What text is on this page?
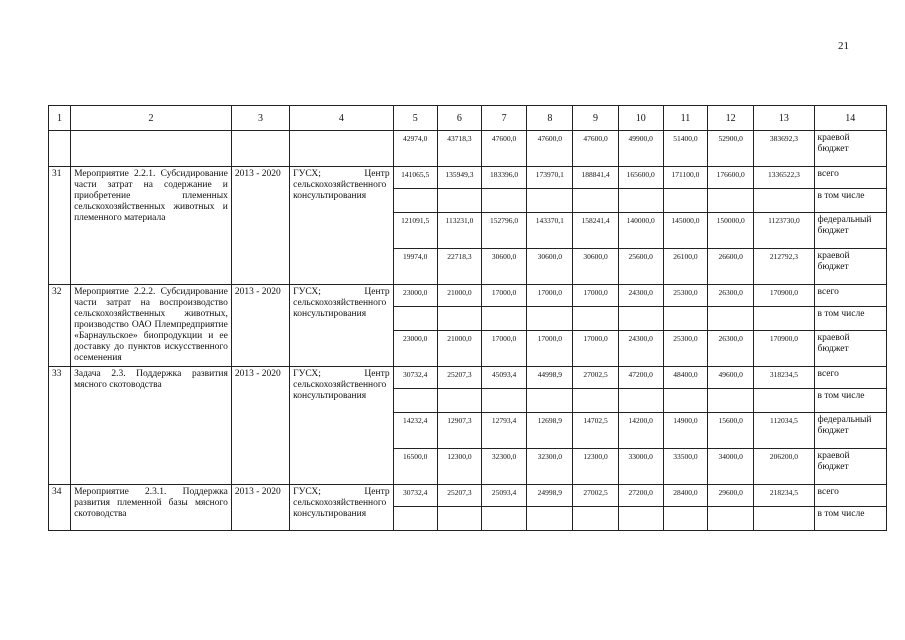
21
1	2	3	4	5	6	7	8	9	10	11	12	13	14
				42974,0	43718,3	47600,0	47600,0	47600,0	49900,0	51400,0	52900,0	383692,3	краевой бюджет
31	Мероприятие 2.2.1. Субсидирование части затрат на содержание и приобретение племенных сельскохозяйственных животных и племенного материала	2013 - 2020	ГУСХ; Центр сельскохозяйственного консультирования	141065,5	135949,3	183396,0	173970,1	188841,4	165600,0	171100,0	176600,0	1336522,3	всего
													в том числе
				121091,5	113231,0	152796,0	143370,1	158241,4	140000,0	145000,0	150000,0	1123730,0	федеральный бюджет
				19974,0	22718,3	30600,0	30600,0	30600,0	25600,0	26100,0	26600,0	212792,3	краевой бюджет
32	Мероприятие 2.2.2. Субсидирование части затрат на воспроизводство сельскохозяйственных животных, производство ОАО Племпредприятие «Барнаульское» биопродукции и ее доставку до пунктов искусственного осеменения	2013 - 2020	ГУСХ; Центр сельскохозяйственного консультирования	23000,0	21000,0	17000,0	17000,0	17000,0	24300,0	25300,0	26300,0	170900,0	всего
													в том числе
				23000,0	21000,0	17000,0	17000,0	17000,0	24300,0	25300,0	26300,0	170900,0	краевой бюджет
33	Задача 2.3. Поддержка развития мясного скотоводства	2013 - 2020	ГУСХ; Центр сельскохозяйственного консультирования	30732,4	25207,3	45093,4	44998,9	27002,5	47200,0	48400,0	49600,0	318234,5	всего
													в том числе
				14232,4	12907,3	12793,4	12698,9	14702,5	14200,0	14900,0	15600,0	112034,5	федеральный бюджет
				16500,0	12300,0	32300,0	32300,0	12300,0	33000,0	33500,0	34000,0	206200,0	краевой бюджет
34	Мероприятие 2.3.1. Поддержка развития племенной базы мясного скотоводства	2013 - 2020	ГУСХ; Центр сельскохозяйственного консультирования	30732,4	25207,3	25093,4	24998,9	27002,5	27200,0	28400,0	29600,0	218234,5	всего
													в том числе
